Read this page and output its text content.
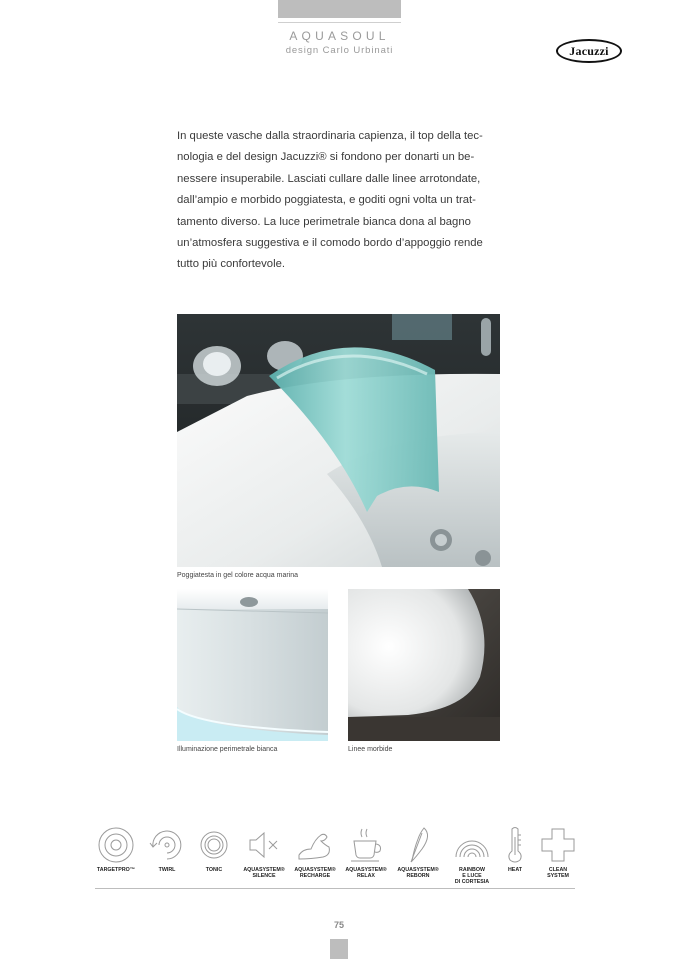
AQUASOUL
design Carlo Urbinati	Jacuzzi
In queste vasche dalla straordinaria capienza, il top della tec-
nologia e del design Jacuzzi® si fondono per donarti un be-
nessere insuperabile. Lasciati cullare dalle linee arrotondate,
dall’ampio e morbido poggiatesta, e goditi ogni volta un trat-
tamento diverso. La luce perimetrale bianca dona al bagno
un’atmosfera suggestiva e il comodo bordo d’appoggio rende
tutto più confortevole.
Poggiatesta in gel colore acqua marina
Illuminazione perimetrale bianca	Linee morbide
TARGETPRO™	TWIRL	TONIC	AQUASYSTEM®
SILENCE
AQUASYSTEM®
RECHARGE
AQUASYSTEM®
RELAX
AQUASYSTEM®
REBORN
RAINBOW
E LUCE
DI CORTESIA
HEAT	CLEAN
SYSTEM
75
